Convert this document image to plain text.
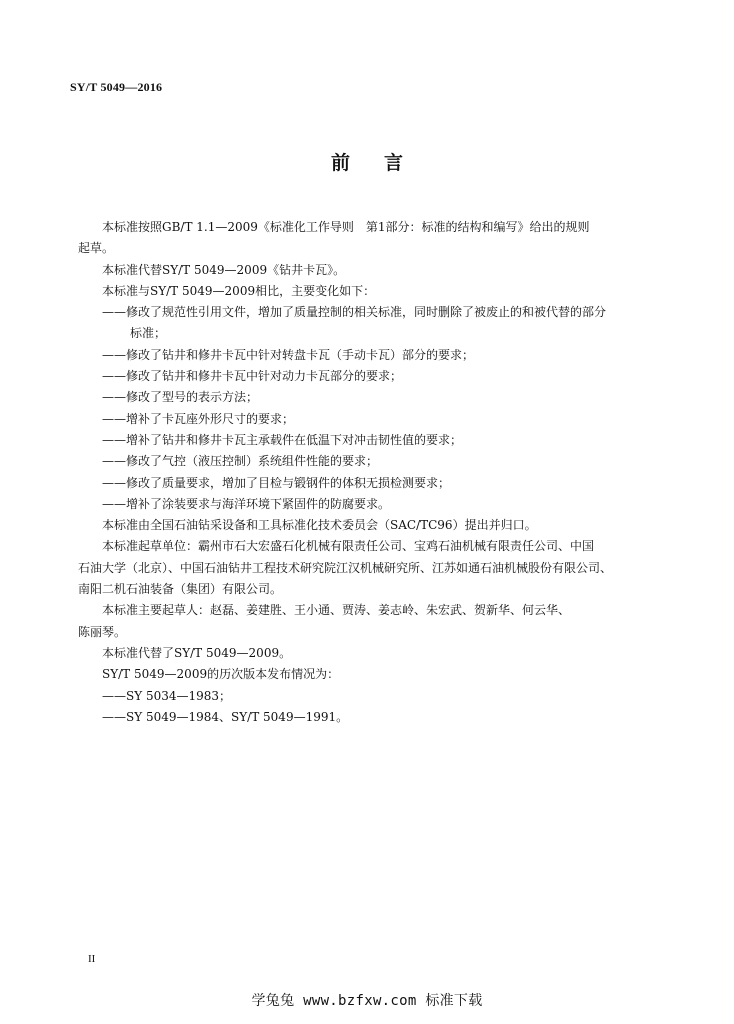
SY/T 5049—2016
前言
本标准按照GB/T 1.1—2009《标准化工作导则　第1部分：标准的结构和编写》给出的规则
起草。
本标准代替SY/T 5049—2009《钻井卡瓦》。
本标准与SY/T 5049—2009相比，主要变化如下：
——修改了规范性引用文件，增加了质量控制的相关标准，同时删除了被废止的和被代替的部分
标准；
——修改了钻井和修井卡瓦中针对转盘卡瓦（手动卡瓦）部分的要求；
——修改了钻井和修井卡瓦中针对动力卡瓦部分的要求；
——修改了型号的表示方法；
——增补了卡瓦座外形尺寸的要求；
——增补了钻井和修井卡瓦主承载件在低温下对冲击韧性值的要求；
——修改了气控（液压控制）系统组件性能的要求；
——修改了质量要求，增加了目检与锻钢件的体积无损检测要求；
——增补了涂装要求与海洋环境下紧固件的防腐要求。
本标准由全国石油钻采设备和工具标准化技术委员会（SAC/TC96）提出并归口。
本标准起草单位：霸州市石大宏盛石化机械有限责任公司、宝鸡石油机械有限责任公司、中国
石油大学（北京）、中国石油钻井工程技术研究院江汉机械研究所、江苏如通石油机械股份有限公司、
南阳二机石油装备（集团）有限公司。
本标准主要起草人：赵磊、姜建胜、王小通、贾涛、姜志岭、朱宏武、贺新华、何云华、
陈丽琴。
本标准代替了SY/T 5049—2009。
SY/T 5049—2009的历次版本发布情况为：
——SY 5034—1983；
——SY 5049—1984、SY/T 5049—1991。
II
学兔兔 www.bzfxw.com 标准下载
